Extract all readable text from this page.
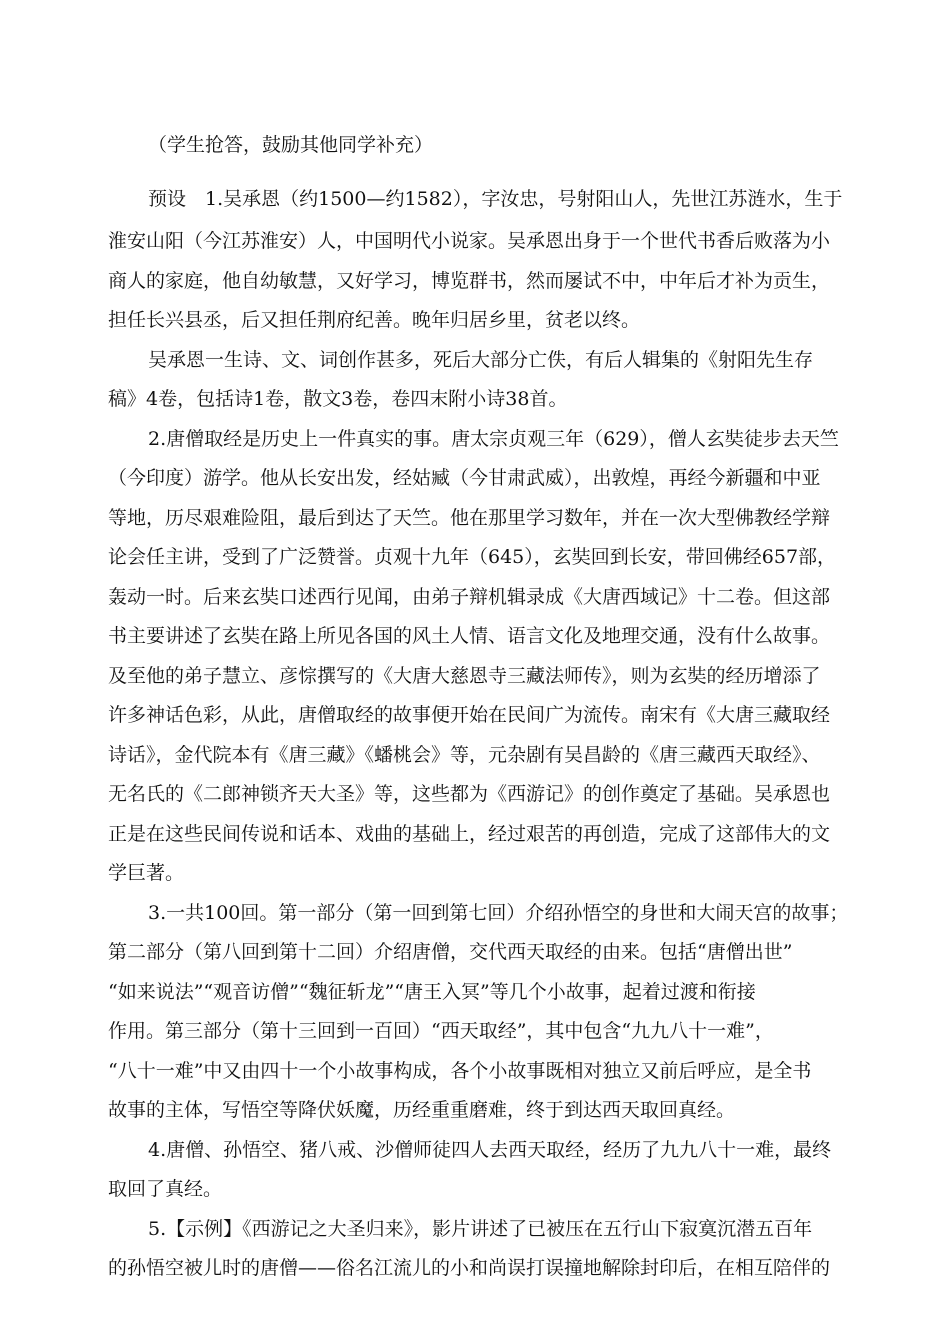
（学生抢答，鼓励其他同学补充）

预设　1.吴承恩（约1500—约1582），字汝忠，号射阳山人，先世江苏涟水，生于

淮安山阳（今江苏淮安）人，中国明代小说家。吴承恩出身于一个世代书香后败落为小

商人的家庭，他自幼敏慧，又好学习，博览群书，然而屡试不中，中年后才补为贡生，

担任长兴县丞，后又担任荆府纪善。晚年归居乡里，贫老以终。

吴承恩一生诗、文、词创作甚多，死后大部分亡佚，有后人辑集的《射阳先生存

稿》4卷，包括诗1卷，散文3卷，卷四末附小诗38首。

2.唐僧取经是历史上一件真实的事。唐太宗贞观三年（629），僧人玄奘徒步去天竺

（今印度）游学。他从长安出发，经姑臧（今甘肃武威），出敦煌，再经今新疆和中亚

等地，历尽艰难险阻，最后到达了天竺。他在那里学习数年，并在一次大型佛教经学辩

论会任主讲，受到了广泛赞誉。贞观十九年（645），玄奘回到长安，带回佛经657部，

轰动一时。后来玄奘口述西行见闻，由弟子辩机辑录成《大唐西域记》十二卷。但这部

书主要讲述了玄奘在路上所见各国的风土人情、语言文化及地理交通，没有什么故事。

及至他的弟子慧立、彦悰撰写的《大唐大慈恩寺三藏法师传》，则为玄奘的经历增添了

许多神话色彩，从此，唐僧取经的故事便开始在民间广为流传。南宋有《大唐三藏取经

诗话》，金代院本有《唐三藏》《蟠桃会》等，元杂剧有吴昌龄的《唐三藏西天取经》、

无名氏的《二郎神锁齐天大圣》等，这些都为《西游记》的创作奠定了基础。吴承恩也

正是在这些民间传说和话本、戏曲的基础上，经过艰苦的再创造，完成了这部伟大的文

学巨著。

3.一共100回。第一部分（第一回到第七回）介绍孙悟空的身世和大闹天宫的故事；

第二部分（第八回到第十二回）介绍唐僧，交代西天取经的由来。包括“唐僧出世”

“如来说法”“观音访僧”“魏征斩龙”“唐王入冥”等几个小故事，起着过渡和衔接

作用。第三部分（第十三回到一百回）“西天取经”，其中包含“九九八十一难”，

“八十一难”中又由四十一个小故事构成，各个小故事既相对独立又前后呼应，是全书

故事的主体，写悟空等降伏妖魔，历经重重磨难，终于到达西天取回真经。

4.唐僧、孙悟空、猪八戒、沙僧师徒四人去西天取经，经历了九九八十一难，最终

取回了真经。

5.【示例】《西游记之大圣归来》，影片讲述了已被压在五行山下寂寞沉潜五百年

的孙悟空被儿时的唐僧——俗名江流儿的小和尚误打误撞地解除封印后，在相互陪伴的
